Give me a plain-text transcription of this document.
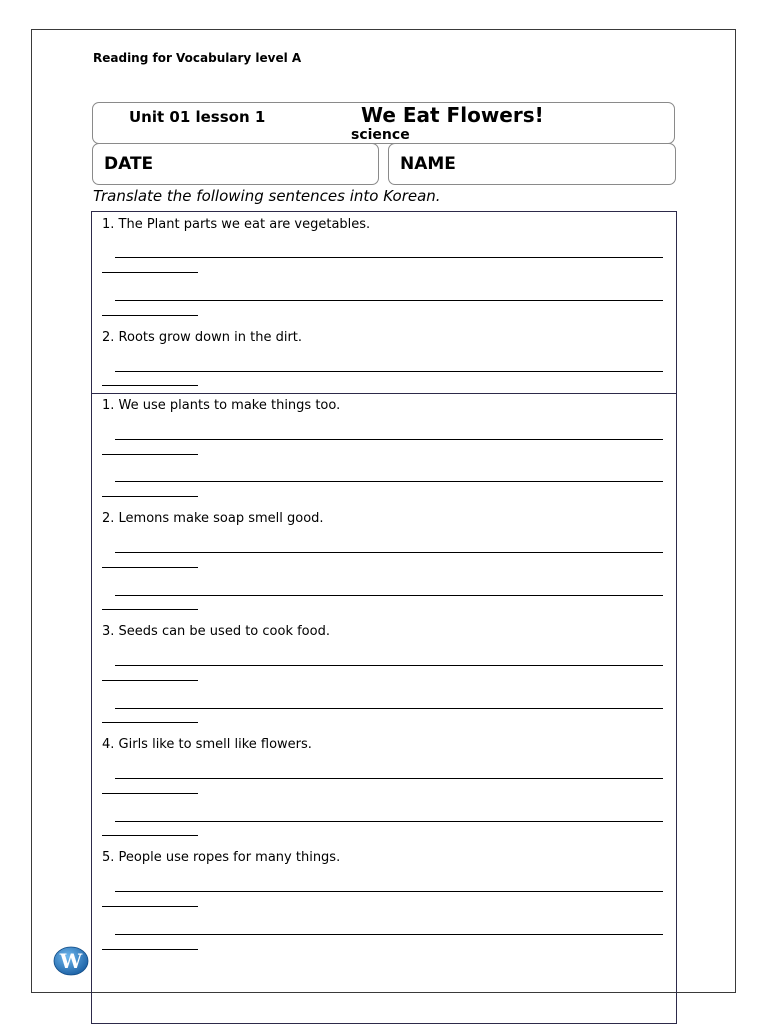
Reading for Vocabulary level A
Unit 01 lesson 1	We Eat Flowers!
science
DATE	NAME
Translate the following sentences into Korean.
1. The Plant parts we eat are vegetables.
2. Roots grow down in the dirt.
1. We use plants to make things too.
2. Lemons make soap smell good.
3. Seeds can be used to cook food.
4. Girls like to smell like flowers.
5. People use ropes for many things.
W
